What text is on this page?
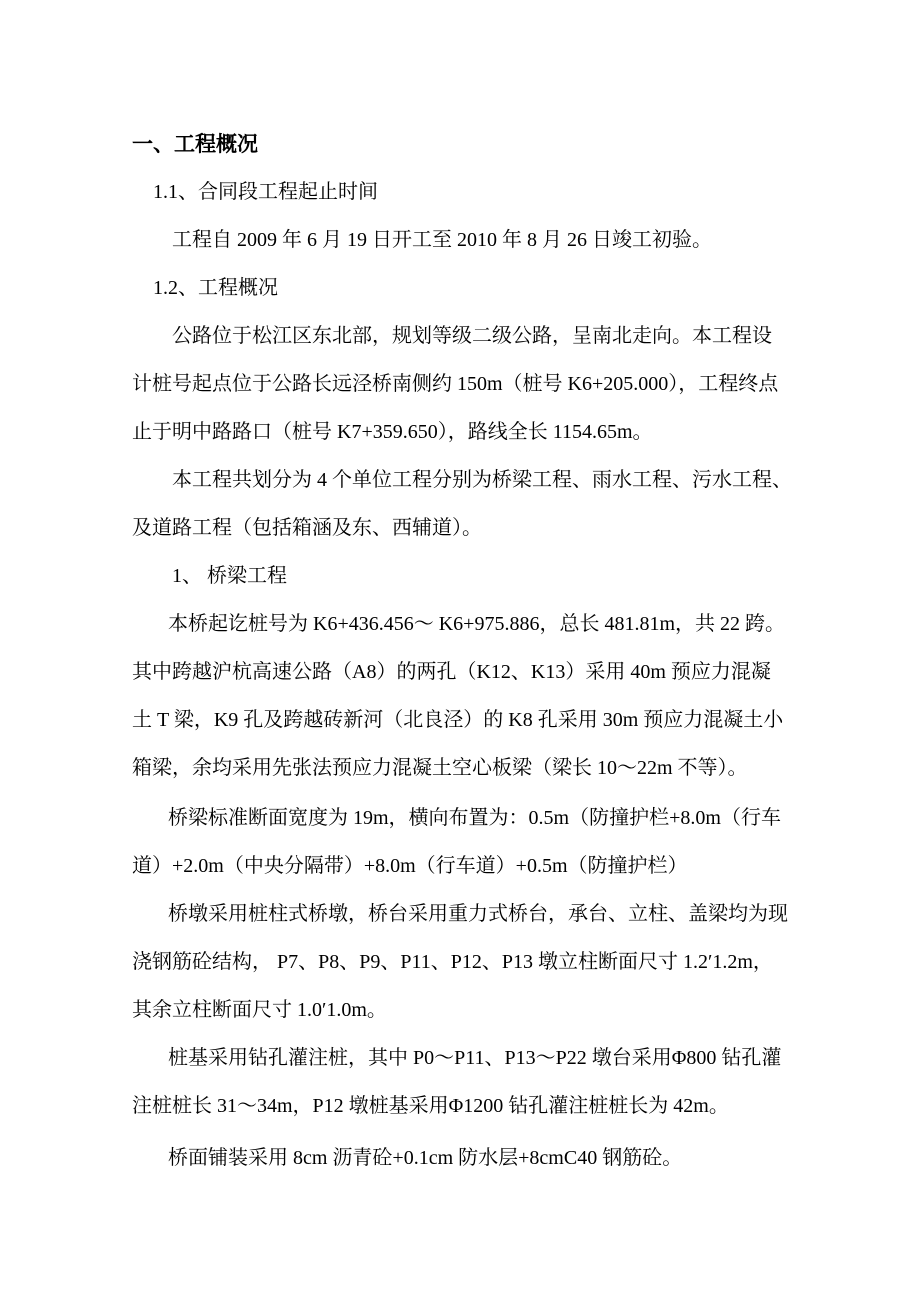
一、工程概况
1.1、合同段工程起止时间
工程自 2009 年 6 月 19 日开工至 2010 年 8 月 26 日竣工初验。
1.2、工程概况
公路位于松江区东北部，规划等级二级公路，呈南北走向。本工程设
计桩号起点位于公路长远泾桥南侧约 150m（桩号 K6+205.000），工程终点
止于明中路路口（桩号 K7+359.650），路线全长 1154.65m。
本工程共划分为 4 个单位工程分别为桥梁工程、雨水工程、污水工程、
及道路工程（包括箱涵及东、西辅道）。
1、 桥梁工程
本桥起讫桩号为 K6+436.456～ K6+975.886，总长 481.81m，共 22 跨。
其中跨越沪杭高速公路（A8）的两孔（K12、K13）采用 40m 预应力混凝
土 T 梁，K9 孔及跨越砖新河（北良泾）的 K8 孔采用 30m 预应力混凝土小
箱梁，余均采用先张法预应力混凝土空心板梁（梁长 10～22m 不等）。
桥梁标准断面宽度为 19m，横向布置为：0.5m（防撞护栏+8.0m（行车
道）+2.0m（中央分隔带）+8.0m（行车道）+0.5m（防撞护栏）
桥墩采用桩柱式桥墩，桥台采用重力式桥台，承台、立柱、盖梁均为现
浇钢筋砼结构， P7、P8、P9、P11、P12、P13 墩立柱断面尺寸 1.2′1.2m，
其余立柱断面尺寸 1.0′1.0m。
桩基采用钻孔灌注桩，其中 P0～P11、P13～P22 墩台采用Φ800 钻孔灌
注桩桩长 31～34m，P12 墩桩基采用Φ1200 钻孔灌注桩桩长为 42m。
桥面铺装采用 8cm 沥青砼+0.1cm 防水层+8cmC40 钢筋砼。
